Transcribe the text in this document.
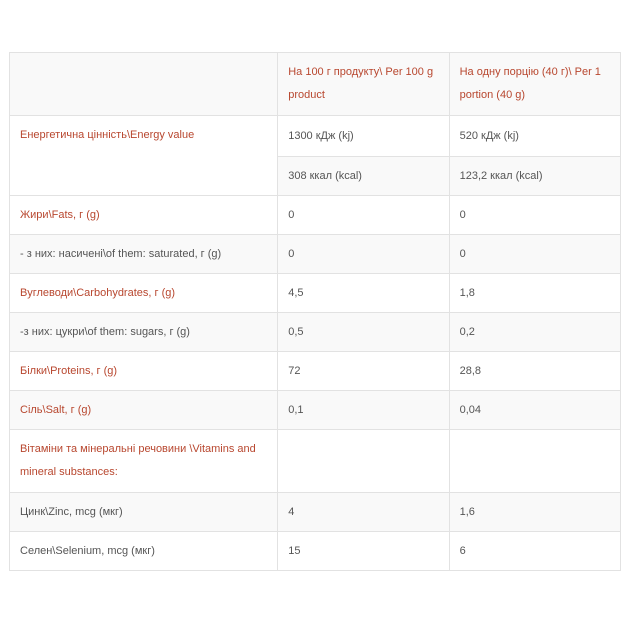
	На 100 г продукту\ Per 100 g product	На одну порцію (40 г)\ Per 1 portion (40 g)
Енергетична цінність\Energy value	1300 кДж (kj)	520 кДж (kj)
	308 ккал (kcal)	123,2 ккал (kcal)
Жири\Fats, г (g)	0	0
- з них: насичені\of them: saturated, г (g)	0	0
Вуглеводи\Carbohydrates, г (g)	4,5	1,8
-з них: цукри\of them: sugars, г (g)	0,5	0,2
Білки\Proteins, г (g)	72	28,8
Сіль\Salt, г (g)	0,1	0,04
Вітаміни та мінеральні речовини \Vitamins and mineral substances:		
Цинк\Zinc, mcg (мкг)	4	1,6
Селен\Selenium, mcg (мкг)	15	6
